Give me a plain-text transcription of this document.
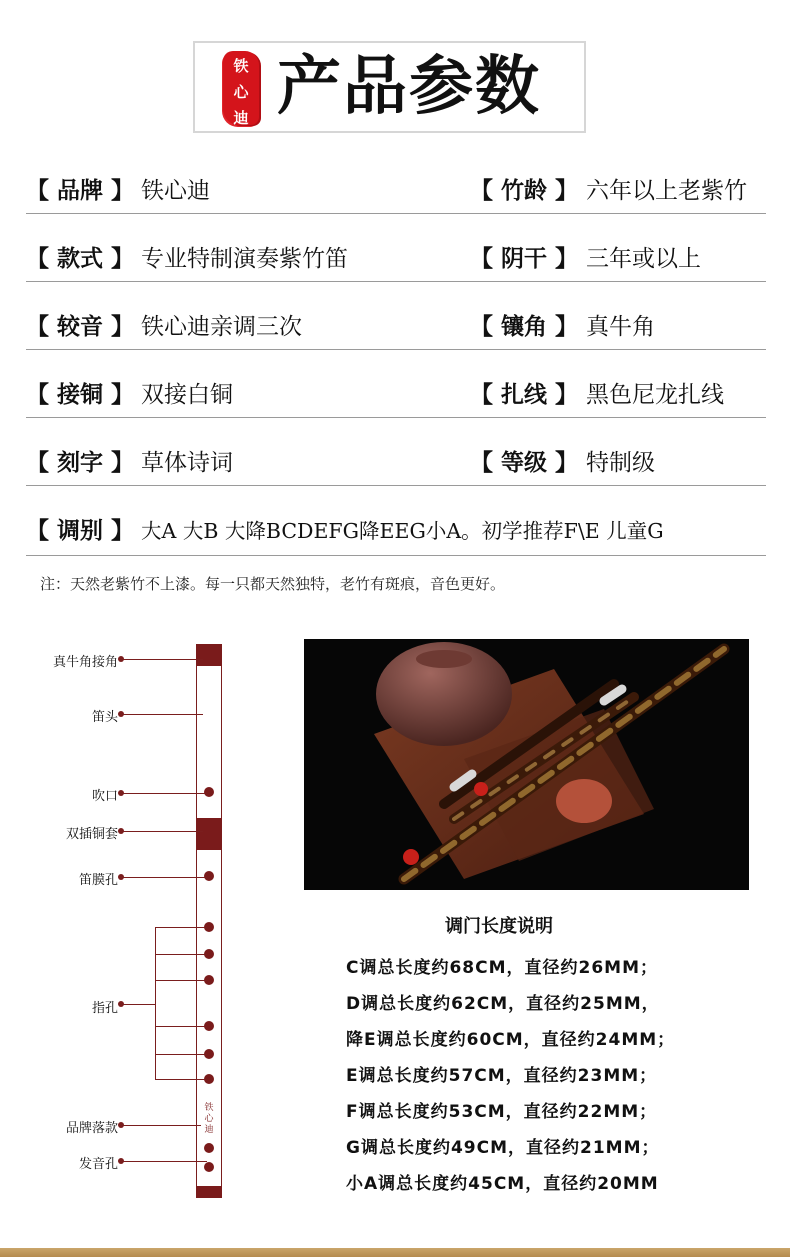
铁
心
迪 产品参数
【 品牌 】 铁心迪	【 竹龄 】 六年以上老紫竹
【 款式 】 专业特制演奏紫竹笛	【 阴干 】 三年或以上
【 较音 】 铁心迪亲调三次	【 镶角 】 真牛角
【 接铜 】 双接白铜	【 扎线 】 黑色尼龙扎线
【 刻字 】 草体诗词	【 等级 】 特制级
【 调别 】 大A 大B 大降BCDEFG降EEG小A。初学推荐F\E 儿童G
注：天然老紫竹不上漆。每一只都天然独特，老竹有斑痕，音色更好。
铁
心
迪
真牛角接角
笛头
吹口
双插铜套
笛膜孔
指孔
品牌落款
发音孔
调门长度说明
C调总长度约68CM，直径约26MM；
D调总长度约62CM，直径约25MM，
降E调总长度约60CM，直径约24MM；
E调总长度约57CM，直径约23MM；
F调总长度约53CM，直径约22MM；
G调总长度约49CM，直径约21MM；
小A调总长度约45CM，直径约20MM
